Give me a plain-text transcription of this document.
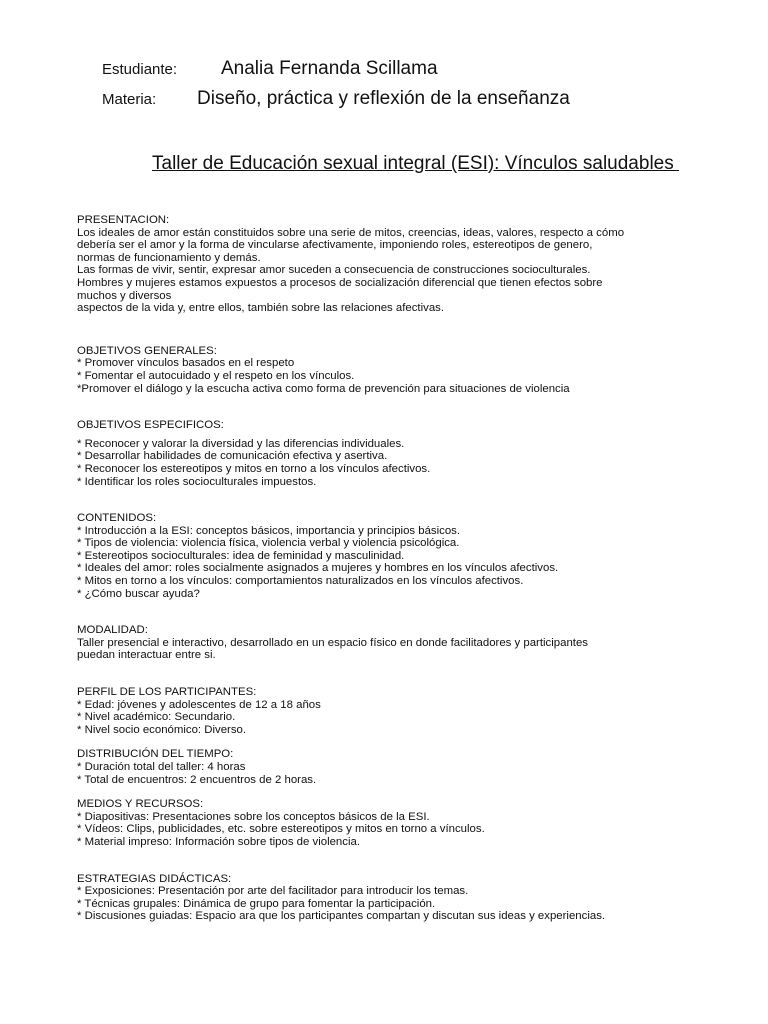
Estudiante: Analia Fernanda Scillama
Materia: Diseño, práctica y reflexión de la enseñanza
Taller de Educación sexual integral (ESI): Vínculos saludables

PRESENTACION:

Los ideales de amor están constituidos sobre una serie de mitos, creencias, ideas, valores, respecto a cómo

debería ser el amor y la forma de vincularse afectivamente, imponiendo roles, estereotipos de genero,

normas de funcionamiento y demás.

Las formas de vivir, sentir, expresar amor suceden a consecuencia de construcciones socioculturales.

Hombres y mujeres estamos expuestos a procesos de socialización diferencial que tienen efectos sobre

muchos y diversos

aspectos de la vida y, entre ellos, también sobre las relaciones afectivas.

OBJETIVOS GENERALES:

* Promover vínculos basados en el respeto

* Fomentar el autocuidado y el respeto en los vínculos.

*Promover el diálogo y la escucha activa como forma de prevención para situaciones de violencia

OBJETIVOS ESPECIFICOS:

* Reconocer y valorar la diversidad y las diferencias individuales.

* Desarrollar habilidades de comunicación efectiva y asertiva.

* Reconocer los estereotipos y mitos en torno a los vínculos afectivos.

* Identificar los roles socioculturales impuestos.

CONTENIDOS:

* Introducción a la ESI: conceptos básicos, importancia y principios básicos.

* Tipos de violencia: violencia física, violencia verbal y violencia psicológica.

* Estereotipos socioculturales: idea de feminidad y masculinidad.

* Ideales del amor: roles socialmente asignados a mujeres y hombres en los vínculos afectivos.

* Mitos en torno a los vínculos: comportamientos naturalizados en los vínculos afectivos.

* ¿Cómo buscar ayuda?

MODALIDAD:

Taller presencial e interactivo, desarrollado en un espacio físico en donde facilitadores y participantes

puedan interactuar entre si.

PERFIL DE LOS PARTICIPANTES:

* Edad: jóvenes y adolescentes de 12 a 18 años

* Nivel académico: Secundario.

* Nivel socio económico: Diverso.

DISTRIBUCIÓN DEL TIEMPO:

* Duración total del taller: 4 horas

* Total de encuentros: 2 encuentros de 2 horas.

MEDIOS Y RECURSOS:

* Diapositivas: Presentaciones sobre los conceptos básicos de la ESI.

* Vídeos: Clips, publicidades, etc. sobre estereotipos y mitos en torno a vínculos.

* Material impreso: Información sobre tipos de violencia.

ESTRATEGIAS DIDÁCTICAS:

* Exposiciones: Presentación por arte del facilitador para introducir los temas.

* Técnicas grupales: Dinámica de grupo para fomentar la participación.

* Discusiones guiadas: Espacio ara que los participantes compartan y discutan sus ideas y experiencias.
